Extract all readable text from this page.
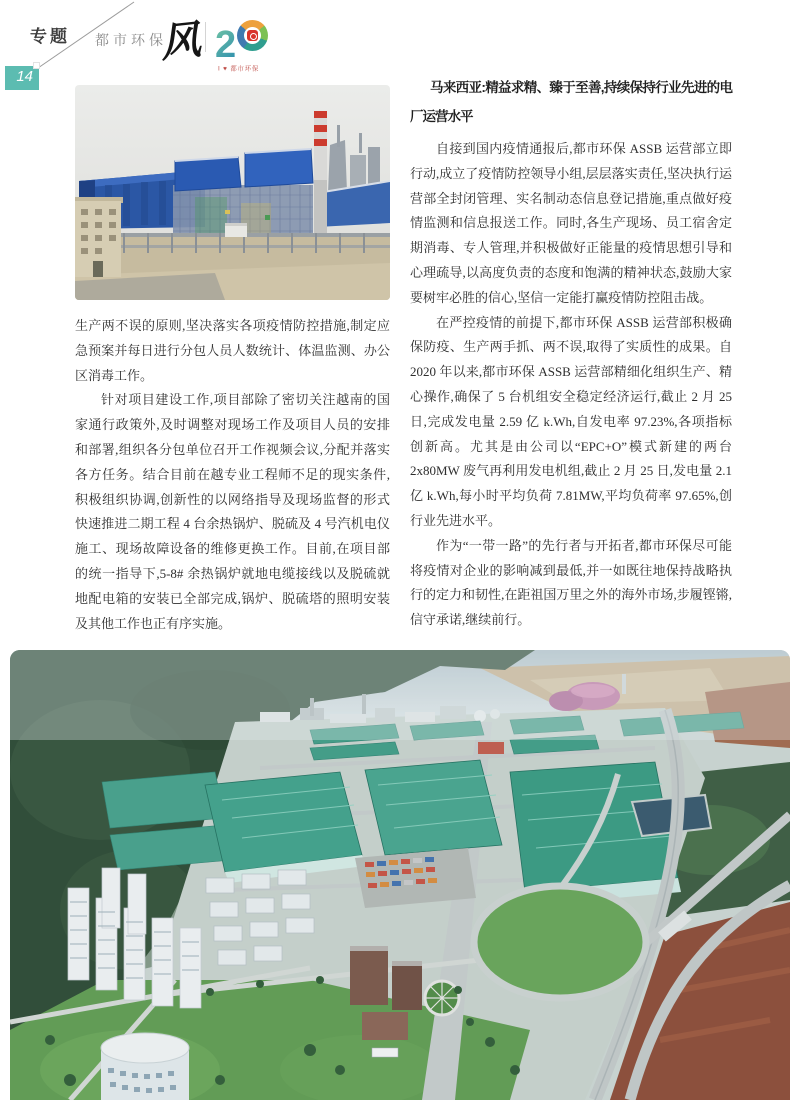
专题
14
都市环保
风 2
I ♥ 都市环保

生产两不误的原则,坚决落实各项疫情防控措施,制定应急预案并每日进行分包人员人数统计、体温监测、办公区消毒工作。

针对项目建设工作,项目部除了密切关注越南的国家通行政策外,及时调整对现场工作及项目人员的安排和部署,组织各分包单位召开工作视频会议,分配并落实各方任务。结合目前在越专业工程师不足的现实条件,积极组织协调,创新性的以网络指导及现场监督的形式快速推进二期工程 4 台余热锅炉、脱硫及 4 号汽机电仪施工、现场故障设备的维修更换工作。目前,在项目部的统一指导下,5-8# 余热锅炉就地电缆接线以及脱硫就地配电箱的安装已全部完成,锅炉、脱硫塔的照明安装及其他工作也正有序实施。

马来西亚:精益求精、臻于至善,持续保持行业先进的电厂运营水平

自接到国内疫情通报后,都市环保 ASSB 运营部立即行动,成立了疫情防控领导小组,层层落实责任,坚决执行运营部全封闭管理、实名制动态信息登记措施,重点做好疫情监测和信息报送工作。同时,各生产现场、员工宿舍定期消毒、专人管理,并积极做好正能量的疫情思想引导和心理疏导,以高度负责的态度和饱满的精神状态,鼓励大家要树牢必胜的信心,坚信一定能打赢疫情防控阻击战。

在严控疫情的前提下,都市环保 ASSB 运营部积极确保防疫、生产两手抓、两不误,取得了实质性的成果。自 2020 年以来,都市环保 ASSB 运营部精细化组织生产、精心操作,确保了 5 台机组安全稳定经济运行,截止 2 月 25 日,完成发电量 2.59 亿 k.Wh,自发电率 97.23%,各项指标创新高。尤其是由公司以“EPC+O”模式新建的两台 2x80MW 废气再利用发电机组,截止 2 月 25 日,发电量 2.1 亿 k.Wh,每小时平均负荷 7.81MW,平均负荷率 97.65%,创行业先进水平。

作为“一带一路”的先行者与开拓者,都市环保尽可能将疫情对企业的影响减到最低,并一如既往地保持战略执行的定力和韧性,在距祖国万里之外的海外市场,步履铿锵,信守承诺,继续前行。
